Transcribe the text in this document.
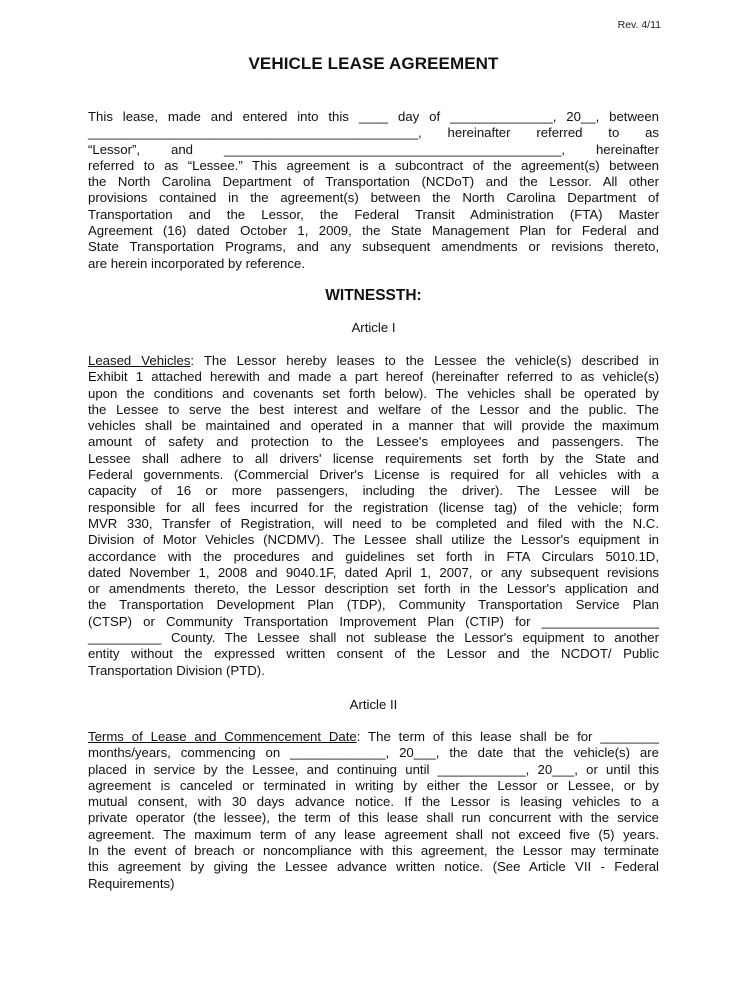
Rev. 4/11
VEHICLE LEASE AGREEMENT
This lease, made and entered into this ____ day of ______________, 20__, between
_____________________________________________, hereinafter referred to as
“Lessor”, and ______________________________________________, hereinafter
referred to as “Lessee.” This agreement is a subcontract of the agreement(s) between
the North Carolina Department of Transportation (NCDoT) and the Lessor. All other
provisions contained in the agreement(s) between the North Carolina Department of
Transportation and the Lessor, the Federal Transit Administration (FTA) Master
Agreement (16) dated October 1, 2009, the State Management Plan for Federal and
State Transportation Programs, and any subsequent amendments or revisions thereto,
are herein incorporated by reference.
WITNESSTH:
Article I
Leased Vehicles: The Lessor hereby leases to the Lessee the vehicle(s) described in
Exhibit 1 attached herewith and made a part hereof (hereinafter referred to as vehicle(s)
upon the conditions and covenants set forth below). The vehicles shall be operated by
the Lessee to serve the best interest and welfare of the Lessor and the public. The
vehicles shall be maintained and operated in a manner that will provide the maximum
amount of safety and protection to the Lessee's employees and passengers. The
Lessee shall adhere to all drivers' license requirements set forth by the State and
Federal governments. (Commercial Driver's License is required for all vehicles with a
capacity of 16 or more passengers, including the driver). The Lessee will be
responsible for all fees incurred for the registration (license tag) of the vehicle; form
MVR 330, Transfer of Registration, will need to be completed and filed with the N.C.
Division of Motor Vehicles (NCDMV). The Lessee shall utilize the Lessor's equipment in
accordance with the procedures and guidelines set forth in FTA Circulars 5010.1D,
dated November 1, 2008 and 9040.1F, dated April 1, 2007, or any subsequent revisions
or amendments thereto, the Lessor description set forth in the Lessor's application and
the Transportation Development Plan (TDP), Community Transportation Service Plan
(CTSP) or Community Transportation Improvement Plan (CTIP) for ________________
__________ County. The Lessee shall not sublease the Lessor's equipment to another
entity without the expressed written consent of the Lessor and the NCDOT/ Public
Transportation Division (PTD).
Article II
Terms of Lease and Commencement Date: The term of this lease shall be for ________
months/years, commencing on _____________, 20___, the date that the vehicle(s) are
placed in service by the Lessee, and continuing until ____________, 20___, or until this
agreement is canceled or terminated in writing by either the Lessor or Lessee, or by
mutual consent, with 30 days advance notice. If the Lessor is leasing vehicles to a
private operator (the lessee), the term of this lease shall run concurrent with the service
agreement. The maximum term of any lease agreement shall not exceed five (5) years.
In the event of breach or noncompliance with this agreement, the Lessor may terminate
this agreement by giving the Lessee advance written notice. (See Article VII - Federal
Requirements)
